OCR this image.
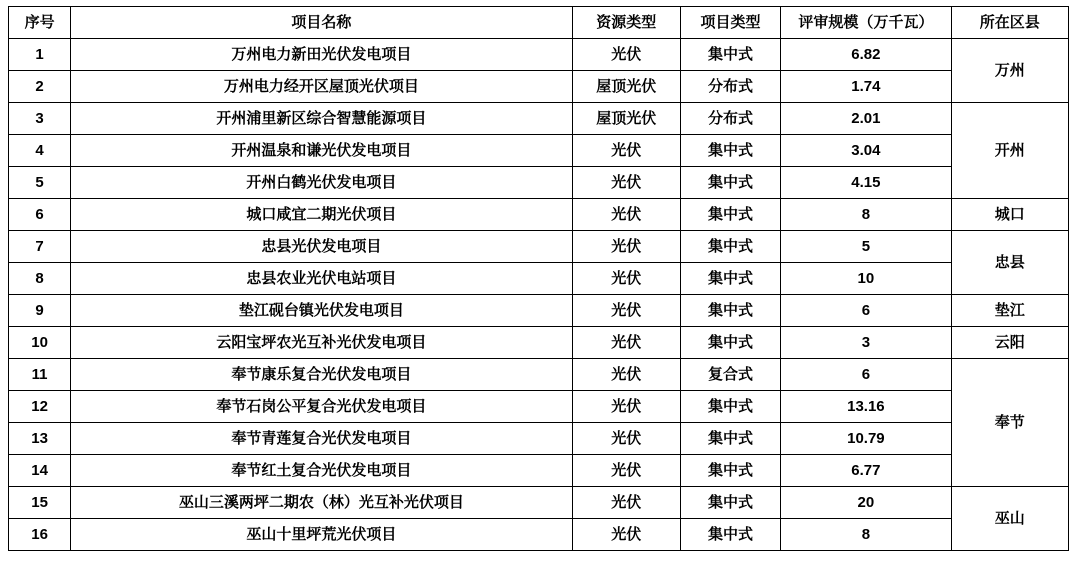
序号	项目名称	资源类型	项目类型	评审规模（万千瓦）	所在区县
1	万州电力新田光伏发电项目	光伏	集中式	6.82	万州
2	万州电力经开区屋顶光伏项目	屋顶光伏	分布式	1.74	
3	开州浦里新区综合智慧能源项目	屋顶光伏	分布式	2.01	开州
4	开州温泉和谦光伏发电项目	光伏	集中式	3.04	
5	开州白鹤光伏发电项目	光伏	集中式	4.15	
6	城口咸宜二期光伏项目	光伏	集中式	8	城口
7	忠县光伏发电项目	光伏	集中式	5	忠县
8	忠县农业光伏电站项目	光伏	集中式	10	
9	垫江砚台镇光伏发电项目	光伏	集中式	6	垫江
10	云阳宝坪农光互补光伏发电项目	光伏	集中式	3	云阳
11	奉节康乐复合光伏发电项目	光伏	复合式	6	奉节
12	奉节石岗公平复合光伏发电项目	光伏	集中式	13.16	
13	奉节青莲复合光伏发电项目	光伏	集中式	10.79	
14	奉节红土复合光伏发电项目	光伏	集中式	6.77	
15	巫山三溪两坪二期农（林）光互补光伏项目	光伏	集中式	20	巫山
16	巫山十里坪荒光伏项目	光伏	集中式	8	
